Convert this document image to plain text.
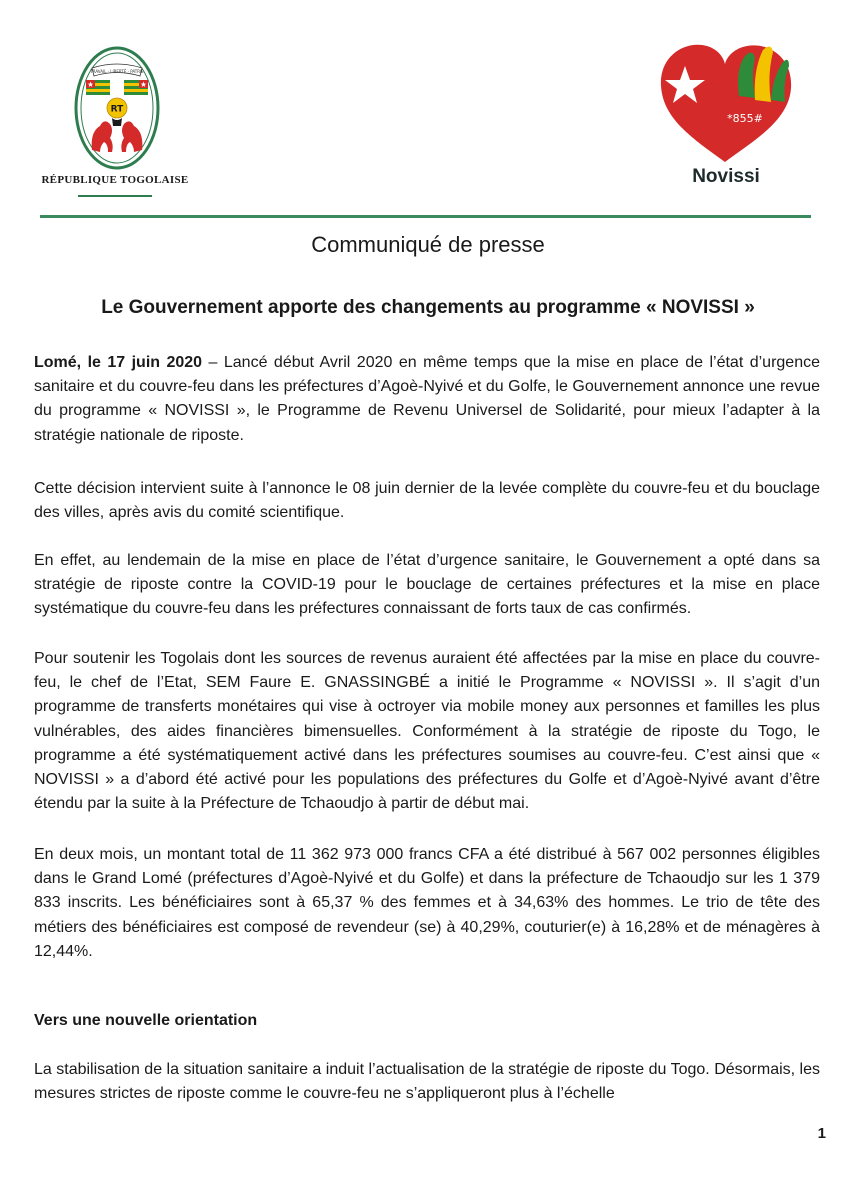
TRAVAIL · LIBERTÉ · PATRIE
RT
RÉPUBLIQUE TOGOLAISE
*855#
Novissi
Communiqué de presse
Le Gouvernement apporte des changements au programme « NOVISSI »

Lomé, le 17 juin 2020 – Lancé début Avril 2020 en même temps que la mise en place de l’état d’urgence sanitaire et du couvre-feu dans les préfectures d’Agoè-Nyivé et du Golfe, le Gouvernement annonce une revue du programme « NOVISSI », le Programme de Revenu Universel de Solidarité, pour mieux l’adapter à la stratégie nationale de riposte.

Cette décision intervient suite à l’annonce le 08 juin dernier de la levée complète du couvre-feu et du bouclage des villes, après avis du comité scientifique.

En effet, au lendemain de la mise en place de l’état d’urgence sanitaire, le Gouvernement a opté dans sa stratégie de riposte contre la COVID-19 pour le bouclage de certaines préfectures et la mise en place systématique du couvre-feu dans les préfectures connaissant de forts taux de cas confirmés.

Pour soutenir les Togolais dont les sources de revenus auraient été affectées par la mise en place du couvre-feu, le chef de l’Etat, SEM Faure E. GNASSINGBÉ a initié le Programme « NOVISSI ». Il s’agit d’un programme de transferts monétaires qui vise à octroyer via mobile money aux personnes et familles les plus vulnérables, des aides financières bimensuelles. Conformément à la stratégie de riposte du Togo, le programme a été systématiquement activé dans les préfectures soumises au couvre-feu. C’est ainsi que « NOVISSI » a d’abord été activé pour les populations des préfectures du Golfe et d’Agoè-Nyivé avant d’être étendu par la suite à la Préfecture de Tchaoudjo à partir de début mai.

En deux mois, un montant total de 11 362 973 000 francs CFA a été distribué à 567 002 personnes éligibles dans le Grand Lomé (préfectures d’Agoè-Nyivé et du Golfe) et dans la préfecture de Tchaoudjo sur les 1 379 833 inscrits. Les bénéficiaires sont à 65,37 % des femmes et à 34,63% des hommes. Le trio de tête des métiers des bénéficiaires est composé de revendeur (se) à 40,29%, couturier(e) à 16,28% et de ménagères à 12,44%.

Vers une nouvelle orientation

La stabilisation de la situation sanitaire a induit l’actualisation de la stratégie de riposte du Togo. Désormais, les mesures strictes de riposte comme le couvre-feu ne s’appliqueront plus à l’échelle

1
